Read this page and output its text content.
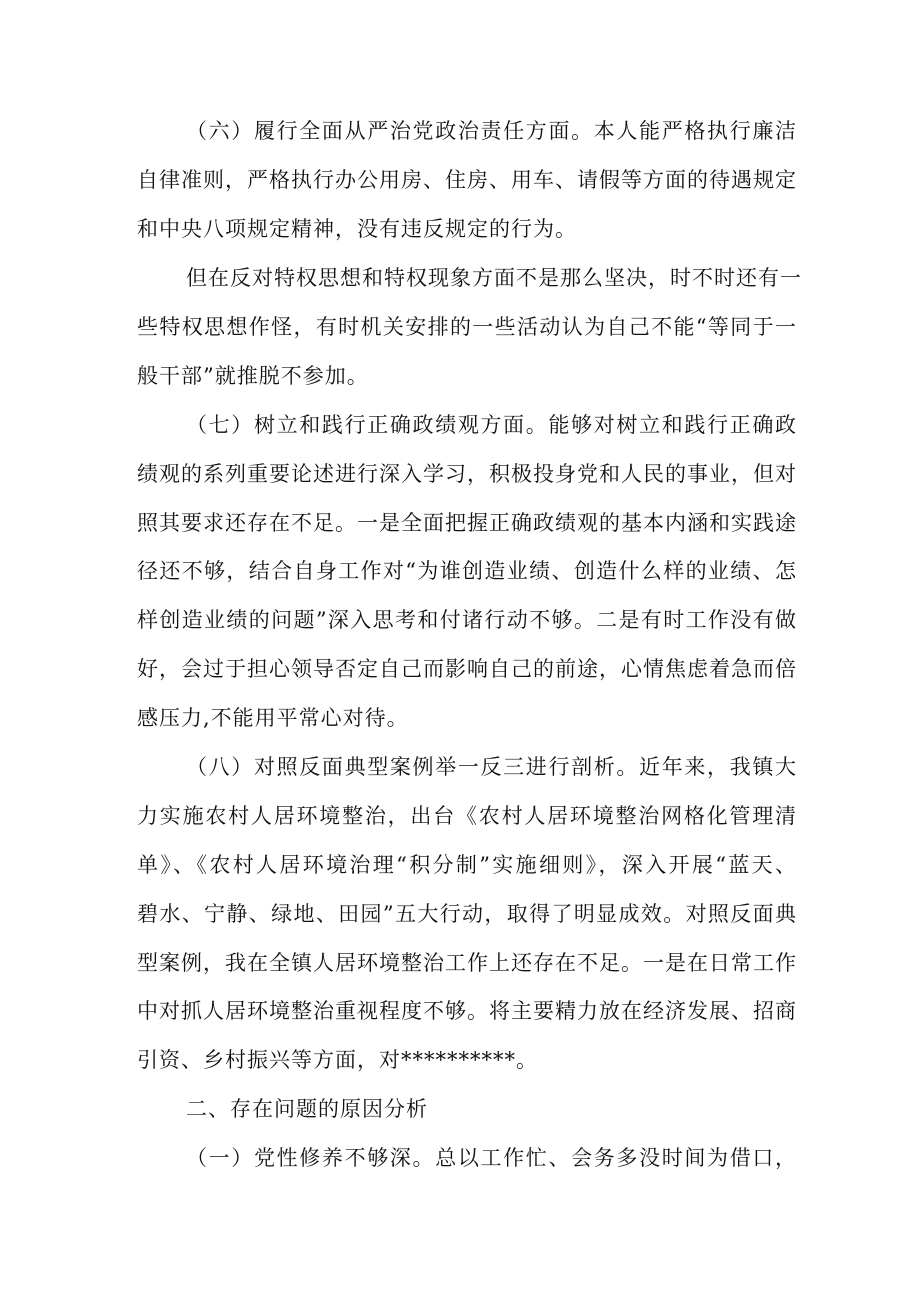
（六）履行全面从严治党政治责任方面。本人能严格执行廉洁
自律准则，严格执行办公用房、住房、用车、请假等方面的待遇规定
和中央八项规定精神，没有违反规定的行为。
但在反对特权思想和特权现象方面不是那么坚决，时不时还有一
些特权思想作怪，有时机关安排的一些活动认为自己不能“等同于一
般干部”就推脱不参加。
（七）树立和践行正确政绩观方面。能够对树立和践行正确政
绩观的系列重要论述进行深入学习，积极投身党和人民的事业，但对
照其要求还存在不足。一是全面把握正确政绩观的基本内涵和实践途
径还不够，结合自身工作对“为谁创造业绩、创造什么样的业绩、怎
样创造业绩的问题”深入思考和付诸行动不够。二是有时工作没有做
好，会过于担心领导否定自己而影响自己的前途，心情焦虑着急而倍
感压力,不能用平常心对待。
（八）对照反面典型案例举一反三进行剖析。近年来，我镇大
力实施农村人居环境整治，出台《农村人居环境整治网格化管理清
单》、《农村人居环境治理“积分制”实施细则》，深入开展“蓝天、
碧水、宁静、绿地、田园”五大行动，取得了明显成效。对照反面典
型案例，我在全镇人居环境整治工作上还存在不足。一是在日常工作
中对抓人居环境整治重视程度不够。将主要精力放在经济发展、招商
引资、乡村振兴等方面，对**********。
二、存在问题的原因分析
（一）党性修养不够深。总以工作忙、会务多没时间为借口，
